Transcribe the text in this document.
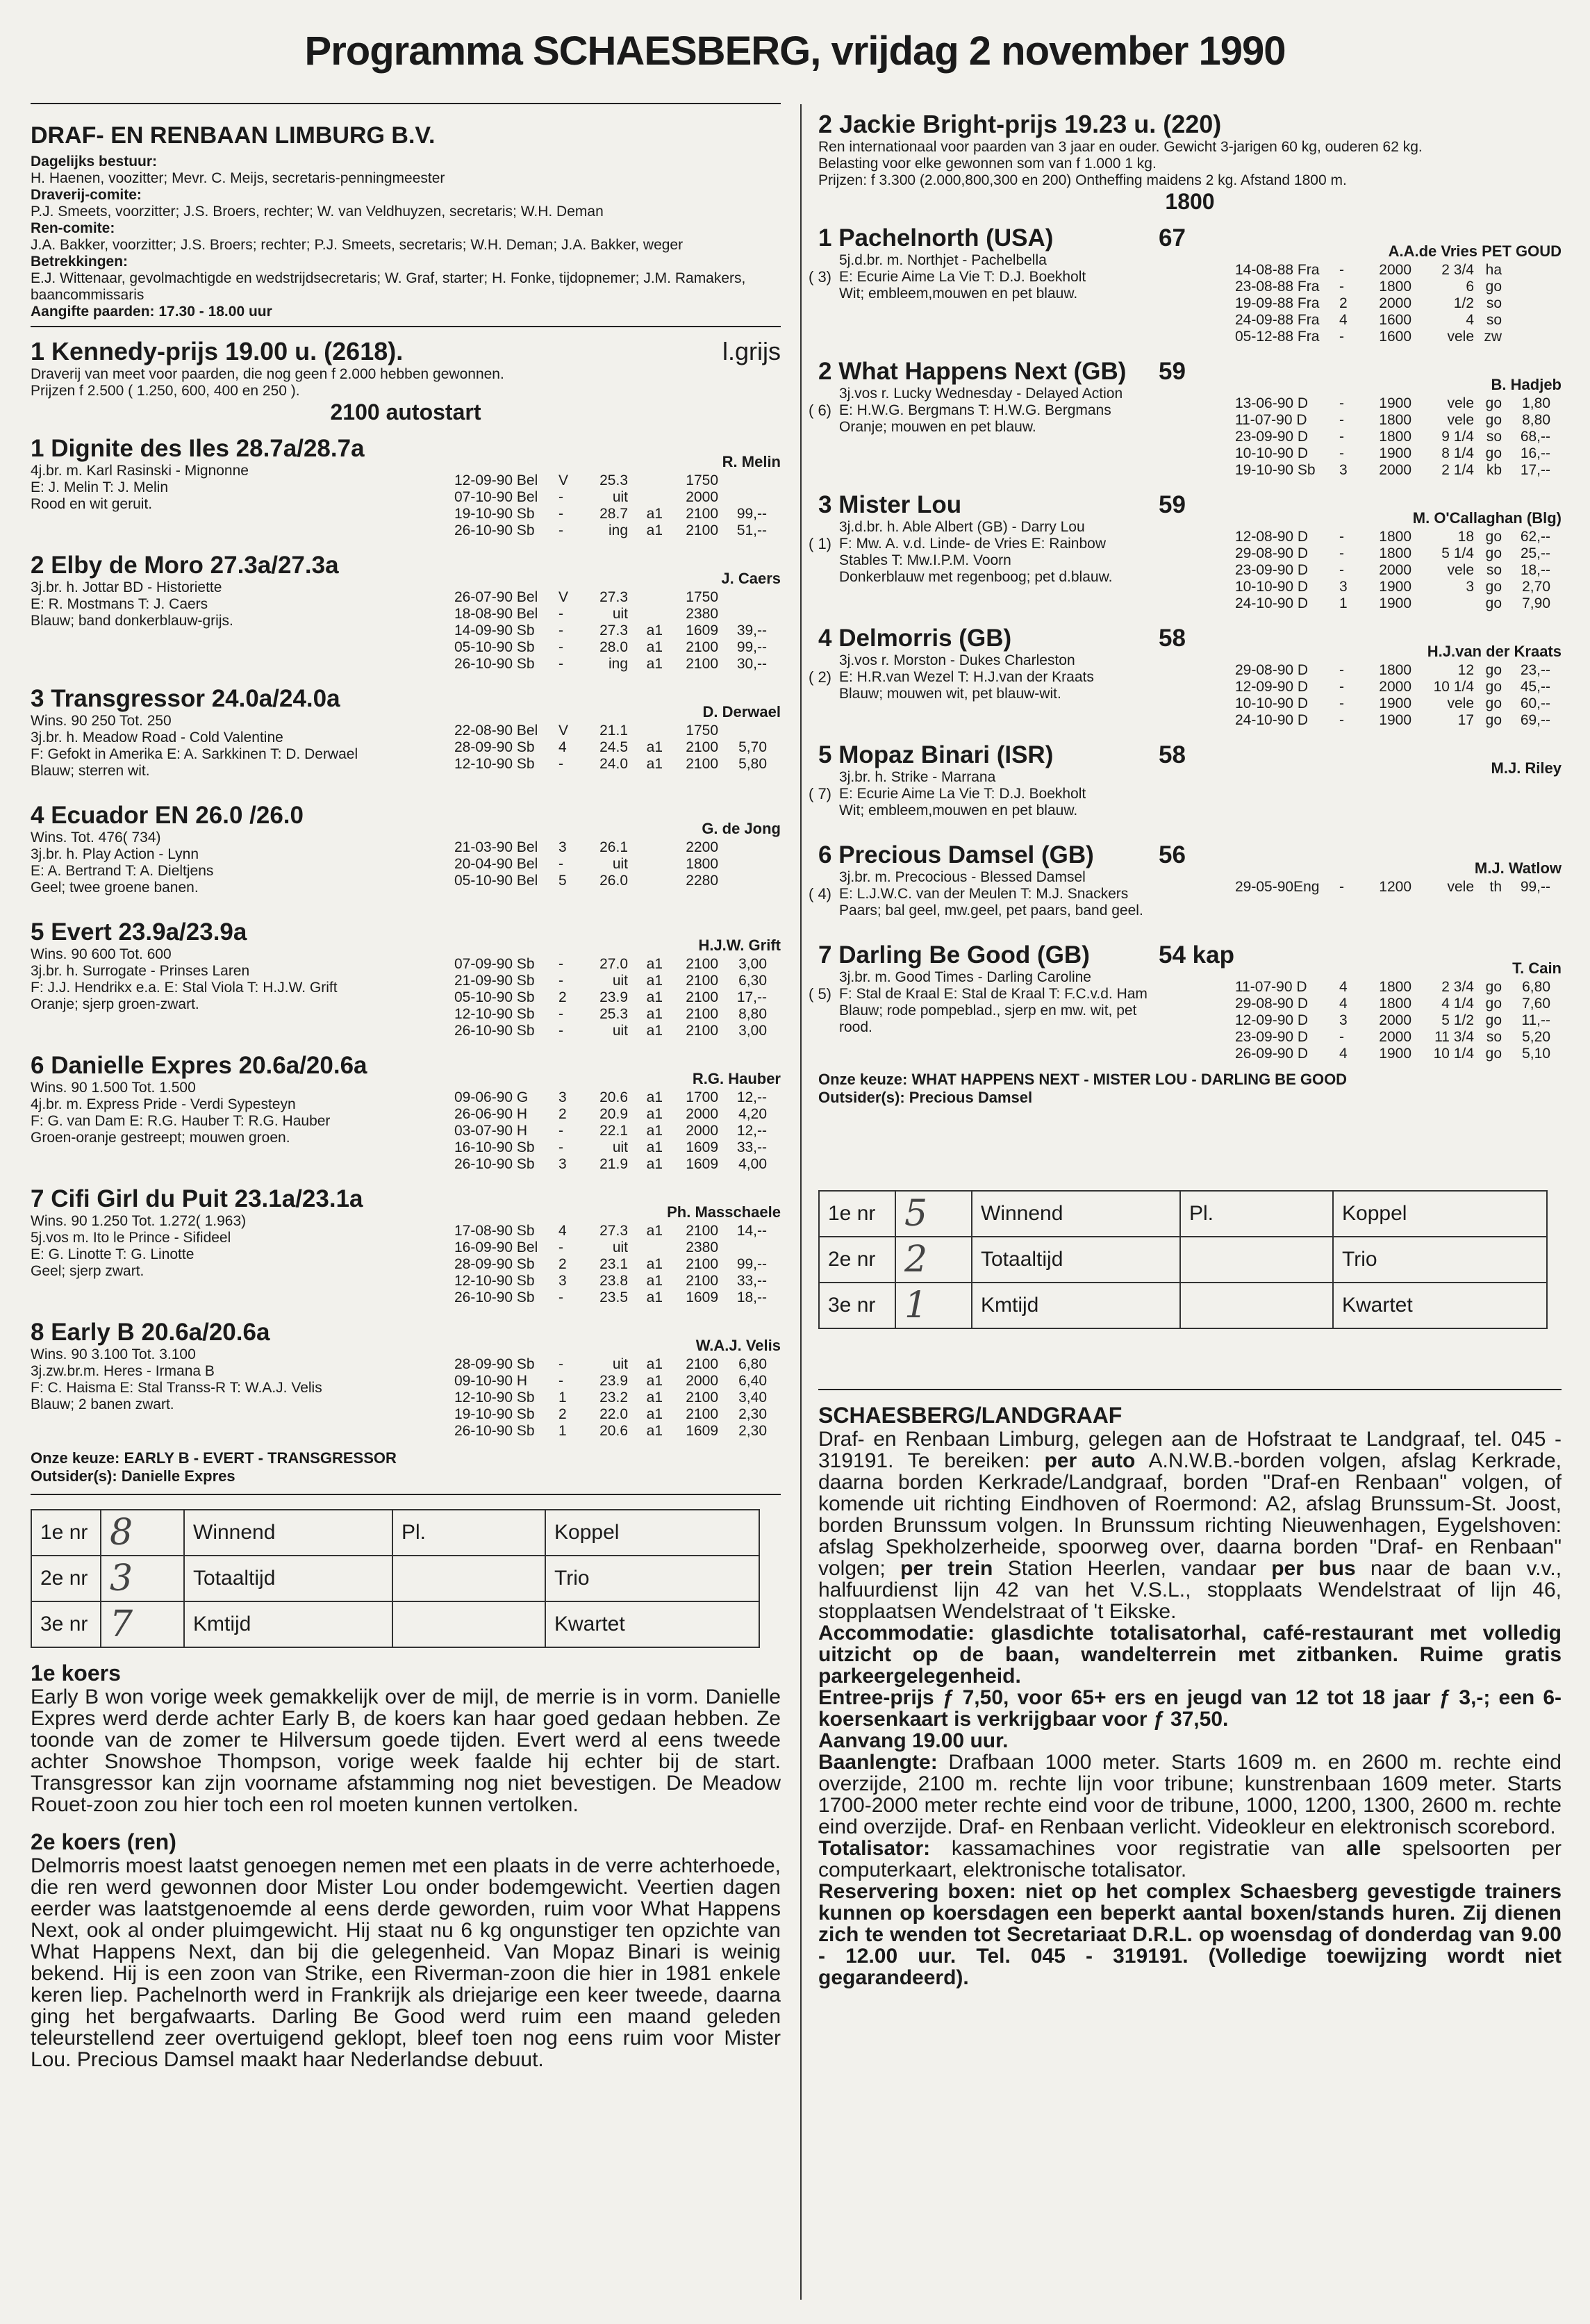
Programma SCHAESBERG, vrijdag 2 november 1990
DRAF- EN RENBAAN LIMBURG B.V.
Dagelijks bestuur:
H. Haenen, voozitter; Mevr. C. Meijs, secretaris-penningmeester
Draverij-comite:
P.J. Smeets, voorzitter; J.S. Broers, rechter; W. van Veldhuyzen, secretaris; W.H. Deman
Ren-comite:
J.A. Bakker, voorzitter; J.S. Broers; rechter; P.J. Smeets, secretaris; W.H. Deman; J.A. Bakker, weger
Betrekkingen:
E.J. Wittenaar, gevolmachtigde en wedstrijdsecretaris; W. Graf, starter; H. Fonke, tijdopnemer; J.M. Ramakers, baancommissaris
Aangifte paarden: 17.30 - 18.00 uur
1 Kennedy-prijs 19.00 u. (2618).	l.grijs
Draverij van meet voor paarden, die nog geen f 2.000 hebben gewonnen.
Prijzen f 2.500 ( 1.250, 600, 400 en 250 ).
2100 autostart
1 Dignite des Iles 28.7a/28.7a	R. Melin
4j.br. m. Karl Rasinski - Mignonne
E: J. Melin T: J. Melin
Rood en wit geruit.
12-09-90 Bel	V	25.3		1750	
07-10-90 Bel	-	uit		2000	
19-10-90 Sb	-	28.7	a1	2100	99,--
26-10-90 Sb	-	ing	a1	2100	51,--
2 Elby de Moro 27.3a/27.3a	J. Caers
3j.br. h. Jottar BD - Historiette
E: R. Mostmans T: J. Caers
Blauw; band donkerblauw-grijs.
26-07-90 Bel	V	27.3		1750	
18-08-90 Bel	-	uit		2380	
14-09-90 Sb	-	27.3	a1	1609	39,--
05-10-90 Sb	-	28.0	a1	2100	99,--
26-10-90 Sb	-	ing	a1	2100	30,--
3 Transgressor 24.0a/24.0a	D. Derwael
Wins. 90 250 Tot. 250
3j.br. h. Meadow Road - Cold Valentine
F: Gefokt in Amerika E: A. Sarkkinen T: D. Derwael
Blauw; sterren wit.
22-08-90 Bel	V	21.1		1750	
28-09-90 Sb	4	24.5	a1	2100	5,70
12-10-90 Sb	-	24.0	a1	2100	5,80
4 Ecuador EN 26.0 /26.0	G. de Jong
Wins. Tot. 476( 734)
3j.br. h. Play Action - Lynn
E: A. Bertrand T: A. Dieltjens
Geel; twee groene banen.
21-03-90 Bel	3	26.1		2200	
20-04-90 Bel	-	uit		1800	
05-10-90 Bel	5	26.0		2280	
5 Evert 23.9a/23.9a	H.J.W. Grift
Wins. 90 600 Tot. 600
3j.br. h. Surrogate - Prinses Laren
F: J.J. Hendrikx e.a. E: Stal Viola T: H.J.W. Grift
Oranje; sjerp groen-zwart.
07-09-90 Sb	-	27.0	a1	2100	3,00
21-09-90 Sb	-	uit	a1	2100	6,30
05-10-90 Sb	2	23.9	a1	2100	17,--
12-10-90 Sb	-	25.3	a1	2100	8,80
26-10-90 Sb	-	uit	a1	2100	3,00
6 Danielle Expres 20.6a/20.6a	R.G. Hauber
Wins. 90 1.500 Tot. 1.500
4j.br. m. Express Pride - Verdi Sypesteyn
F: G. van Dam E: R.G. Hauber T: R.G. Hauber
Groen-oranje gestreept; mouwen groen.
09-06-90 G	3	20.6	a1	1700	12,--
26-06-90 H	2	20.9	a1	2000	4,20
03-07-90 H	-	22.1	a1	2000	12,--
16-10-90 Sb	-	uit	a1	1609	33,--
26-10-90 Sb	3	21.9	a1	1609	4,00
7 Cifi Girl du Puit 23.1a/23.1a	Ph. Masschaele
Wins. 90 1.250 Tot. 1.272( 1.963)
5j.vos m. Ito le Prince - Sifideel
E: G. Linotte T: G. Linotte
Geel; sjerp zwart.
17-08-90 Sb	4	27.3	a1	2100	14,--
16-09-90 Bel	-	uit		2380	
28-09-90 Sb	2	23.1	a1	2100	99,--
12-10-90 Sb	3	23.8	a1	2100	33,--
26-10-90 Sb	-	23.5	a1	1609	18,--
8 Early B 20.6a/20.6a	W.A.J. Velis
Wins. 90 3.100 Tot. 3.100
3j.zw.br.m. Heres - Irmana B
F: C. Haisma E: Stal Transs-R T: W.A.J. Velis
Blauw; 2 banen zwart.
28-09-90 Sb	-	uit	a1	2100	6,80
09-10-90 H	-	23.9	a1	2000	6,40
12-10-90 Sb	1	23.2	a1	2100	3,40
19-10-90 Sb	2	22.0	a1	2100	2,30
26-10-90 Sb	1	20.6	a1	1609	2,30
Onze keuze: EARLY B - EVERT - TRANSGRESSOR
Outsider(s): Danielle Expres
1e nr	8	Winnend	Pl.	Koppel
2e nr	3	Totaaltijd		Trio
3e nr	7	Kmtijd		Kwartet
1e koers
Early B won vorige week gemakkelijk over de mijl, de merrie is in vorm. Danielle Expres werd derde achter Early B, de koers kan haar goed gedaan hebben. Ze toonde van de zomer te Hilversum goede tijden. Evert werd al eens tweede achter Snowshoe Thompson, vorige week faalde hij echter bij de start. Transgressor kan zijn voorname afstamming nog niet bevestigen. De Meadow Rouet-zoon zou hier toch een rol moeten kunnen vertolken.
2e koers (ren)
Delmorris moest laatst genoegen nemen met een plaats in de verre achterhoede, die ren werd gewonnen door Mister Lou onder bodemgewicht. Veertien dagen eerder was laatstgenoemde al eens derde geworden, ruim voor What Happens Next, ook al onder pluimgewicht. Hij staat nu 6 kg ongunstiger ten opzichte van What Happens Next, dan bij die gelegenheid. Van Mopaz Binari is weinig bekend. Hij is een zoon van Strike, een Riverman-zoon die hier in 1981 enkele keren liep. Pachelnorth werd in Frankrijk als driejarige een keer tweede, daarna ging het bergafwaarts. Darling Be Good werd ruim een maand geleden teleurstellend zeer overtuigend geklopt, bleef toen nog eens ruim voor Mister Lou. Precious Damsel maakt haar Nederlandse debuut.
2 Jackie Bright-prijs 19.23 u. (220)
Ren internationaal voor paarden van 3 jaar en ouder. Gewicht 3-jarigen 60 kg, ouderen 62 kg.
Belasting voor elke gewonnen som van f 1.000 1 kg.
Prijzen: f 3.300 (2.000,800,300 en 200) Ontheffing maidens 2 kg. Afstand 1800 m.
1800
1 Pachelnorth (USA)	67	A.A.de Vries PET GOUD
( 3)
5j.d.br. m. Northjet - Pachelbella
E: Ecurie Aime La Vie T: D.J. Boekholt
Wit; embleem,mouwen en pet blauw.
14-08-88 Fra	-	2000	2 3/4	ha	
23-08-88 Fra	-	1800	6	go	
19-09-88 Fra	2	2000	1/2	so	
24-09-88 Fra	4	1600	4	so	
05-12-88 Fra	-	1600	vele	zw	
2 What Happens Next (GB) 59	B. Hadjeb
( 6)
3j.vos r. Lucky Wednesday - Delayed Action
E: H.W.G. Bergmans T: H.W.G. Bergmans
Oranje; mouwen en pet blauw.
13-06-90 D	-	1900	vele	go	1,80
11-07-90 D	-	1800	vele	go	8,80
23-09-90 D	-	1800	9 1/4	so	68,--
10-10-90 D	-	1900	8 1/4	go	16,--
19-10-90 Sb	3	2000	2 1/4	kb	17,--
3 Mister Lou	59	M. O'Callaghan (Blg)
( 1)
3j.d.br. h. Able Albert (GB) - Darry Lou
F: Mw. A. v.d. Linde- de Vries E: Rainbow
Stables T: Mw.I.P.M. Voorn
Donkerblauw met regenboog; pet d.blauw.
12-08-90 D	-	1800	18	go	62,--
29-08-90 D	-	1800	5 1/4	go	25,--
23-09-90 D	-	2000	vele	so	18,--
10-10-90 D	3	1900	3	go	2,70
24-10-90 D	1	1900		go	7,90
4 Delmorris (GB)	58	H.J.van der Kraats
( 2)
3j.vos r. Morston - Dukes Charleston
E: H.R.van Wezel T: H.J.van der Kraats
Blauw; mouwen wit, pet blauw-wit.
29-08-90 D	-	1800	12	go	23,--
12-09-90 D	-	2000	10 1/4	go	45,--
10-10-90 D	-	1900	vele	go	60,--
24-10-90 D	-	1900	17	go	69,--
5 Mopaz Binari (ISR)	58	M.J. Riley
( 7)
3j.br. h. Strike - Marrana
E: Ecurie Aime La Vie T: D.J. Boekholt
Wit; embleem,mouwen en pet blauw.
6 Precious Damsel (GB)	56	M.J. Watlow
( 4)
3j.br. m. Precocious - Blessed Damsel
E: L.J.W.C. van der Meulen T: M.J. Snackers
Paars; bal geel, mw.geel, pet paars, band geel.
29-05-90Eng	-	1200	vele	th	99,--
7 Darling Be Good (GB)	54 kap	T. Cain
( 5)
3j.br. m. Good Times - Darling Caroline
F: Stal de Kraal E: Stal de Kraal T: F.C.v.d. Ham
Blauw; rode pompeblad., sjerp en mw. wit, pet
rood.
11-07-90 D	4	1800	2 3/4	go	6,80
29-08-90 D	4	1800	4 1/4	go	7,60
12-09-90 D	3	2000	5 1/2	go	11,--
23-09-90 D	-	2000	11 3/4	so	5,20
26-09-90 D	4	1900	10 1/4	go	5,10
Onze keuze: WHAT HAPPENS NEXT - MISTER LOU - DARLING BE GOOD
Outsider(s): Precious Damsel
1e nr	5	Winnend	Pl.	Koppel
2e nr	2	Totaaltijd		Trio
3e nr	1	Kmtijd		Kwartet
SCHAESBERG/LANDGRAAF
Draf- en Renbaan Limburg, gelegen aan de Hofstraat te Landgraaf, tel. 045 - 319191. Te bereiken: per auto A.N.W.B.-borden volgen, afslag Kerkrade, daarna borden Kerkrade/Landgraaf, borden "Draf-en Renbaan" volgen, of komende uit richting Eindhoven of Roermond: A2, afslag Brunssum-St. Joost, borden Brunssum volgen. In Brunssum richting Nieuwenhagen, Eygelshoven: afslag Spekholzerheide, spoorweg over, daarna borden "Draf- en Renbaan" volgen; per trein Station Heerlen, vandaar per bus naar de baan v.v., halfuurdienst lijn 42 van het V.S.L., stopplaats Wendelstraat of lijn 46, stopplaatsen Wendelstraat of 't Eikske.
Accommodatie: glasdichte totalisatorhal, café-restaurant met volledig uitzicht op de baan, wandelterrein met zitbanken. Ruime gratis parkeergelegenheid.
Entree-prijs ƒ 7,50, voor 65+ ers en jeugd van 12 tot 18 jaar ƒ 3,-; een 6-koersenkaart is verkrijgbaar voor ƒ 37,50.
Aanvang 19.00 uur.
Baanlengte: Drafbaan 1000 meter. Starts 1609 m. en 2600 m. rechte eind overzijde, 2100 m. rechte lijn voor tribune; kunstrenbaan 1609 meter. Starts 1700-2000 meter rechte eind voor de tribune, 1000, 1200, 1300, 2600 m. rechte eind overzijde. Draf- en Renbaan verlicht. Videokleur en elektronisch scorebord.
Totalisator: kassamachines voor registratie van alle spelsoorten per computerkaart, elektronische totalisator.
Reservering boxen: niet op het complex Schaesberg gevestigde trainers kunnen op koersdagen een beperkt aantal boxen/stands huren. Zij dienen zich te wenden tot Secretariaat D.R.L. op woensdag of donderdag van 9.00 - 12.00 uur. Tel. 045 - 319191. (Volledige toewijzing wordt niet gegarandeerd).
